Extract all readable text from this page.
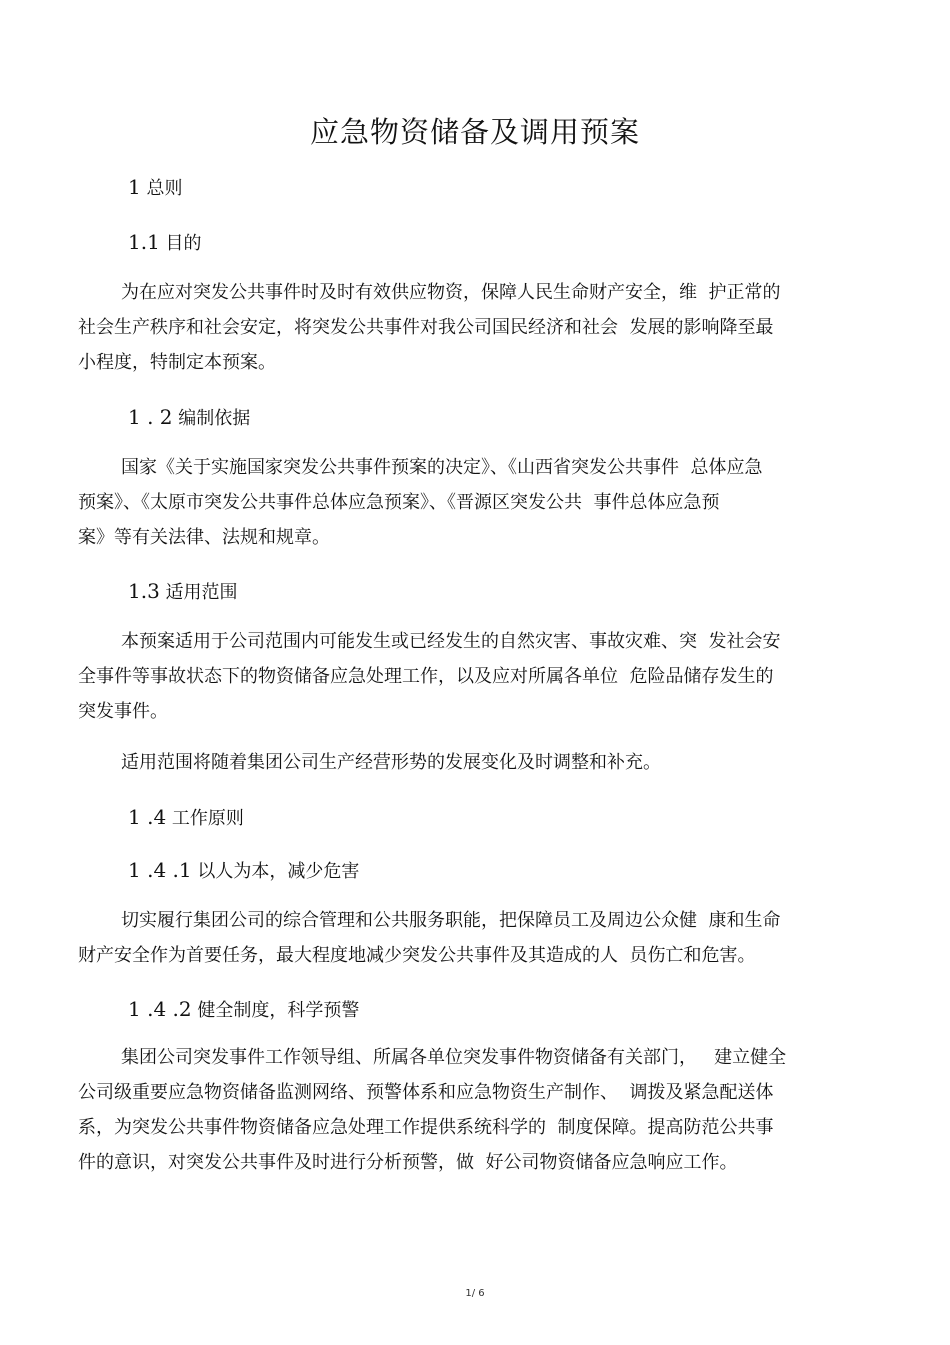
应急物资储备及调用预案
1 总则
1.1 目的

为在应对突发公共事件时及时有效供应物资，保障人民生命财产安全，维  护正常的
社会生产秩序和社会安定，将突发公共事件对我公司国民经济和社会  发展的影响降至最
小程度，特制定本预案。

1 . 2 编制依据

国家《关于实施国家突发公共事件预案的决定》、《山西省突发公共事件  总体应急
预案》、《太原市突发公共事件总体应急预案》、《晋源区突发公共  事件总体应急预
案》等有关法律、法规和规章。

1.3 适用范围

本预案适用于公司范围内可能发生或已经发生的自然灾害、事故灾难、突  发社会安
全事件等事故状态下的物资储备应急处理工作，以及应对所属各单位  危险品储存发生的
突发事件。

适用范围将随着集团公司生产经营形势的发展变化及时调整和补充。

1 .4 工作原则
1 .4 .1 以人为本，减少危害

切实履行集团公司的综合管理和公共服务职能，把保障员工及周边公众健  康和生命
财产安全作为首要任务，最大程度地减少突发公共事件及其造成的人  员伤亡和危害。

1 .4 .2 健全制度，科学预警

集团公司突发事件工作领导组、所属各单位突发事件物资储备有关部门，   建立健全
公司级重要应急物资储备监测网络、预警体系和应急物资生产制作、  调拨及紧急配送体
系，为突发公共事件物资储备应急处理工作提供系统科学的  制度保障。提高防范公共事
件的意识，对突发公共事件及时进行分析预警，做  好公司物资储备应急响应工作。

1/ 6
